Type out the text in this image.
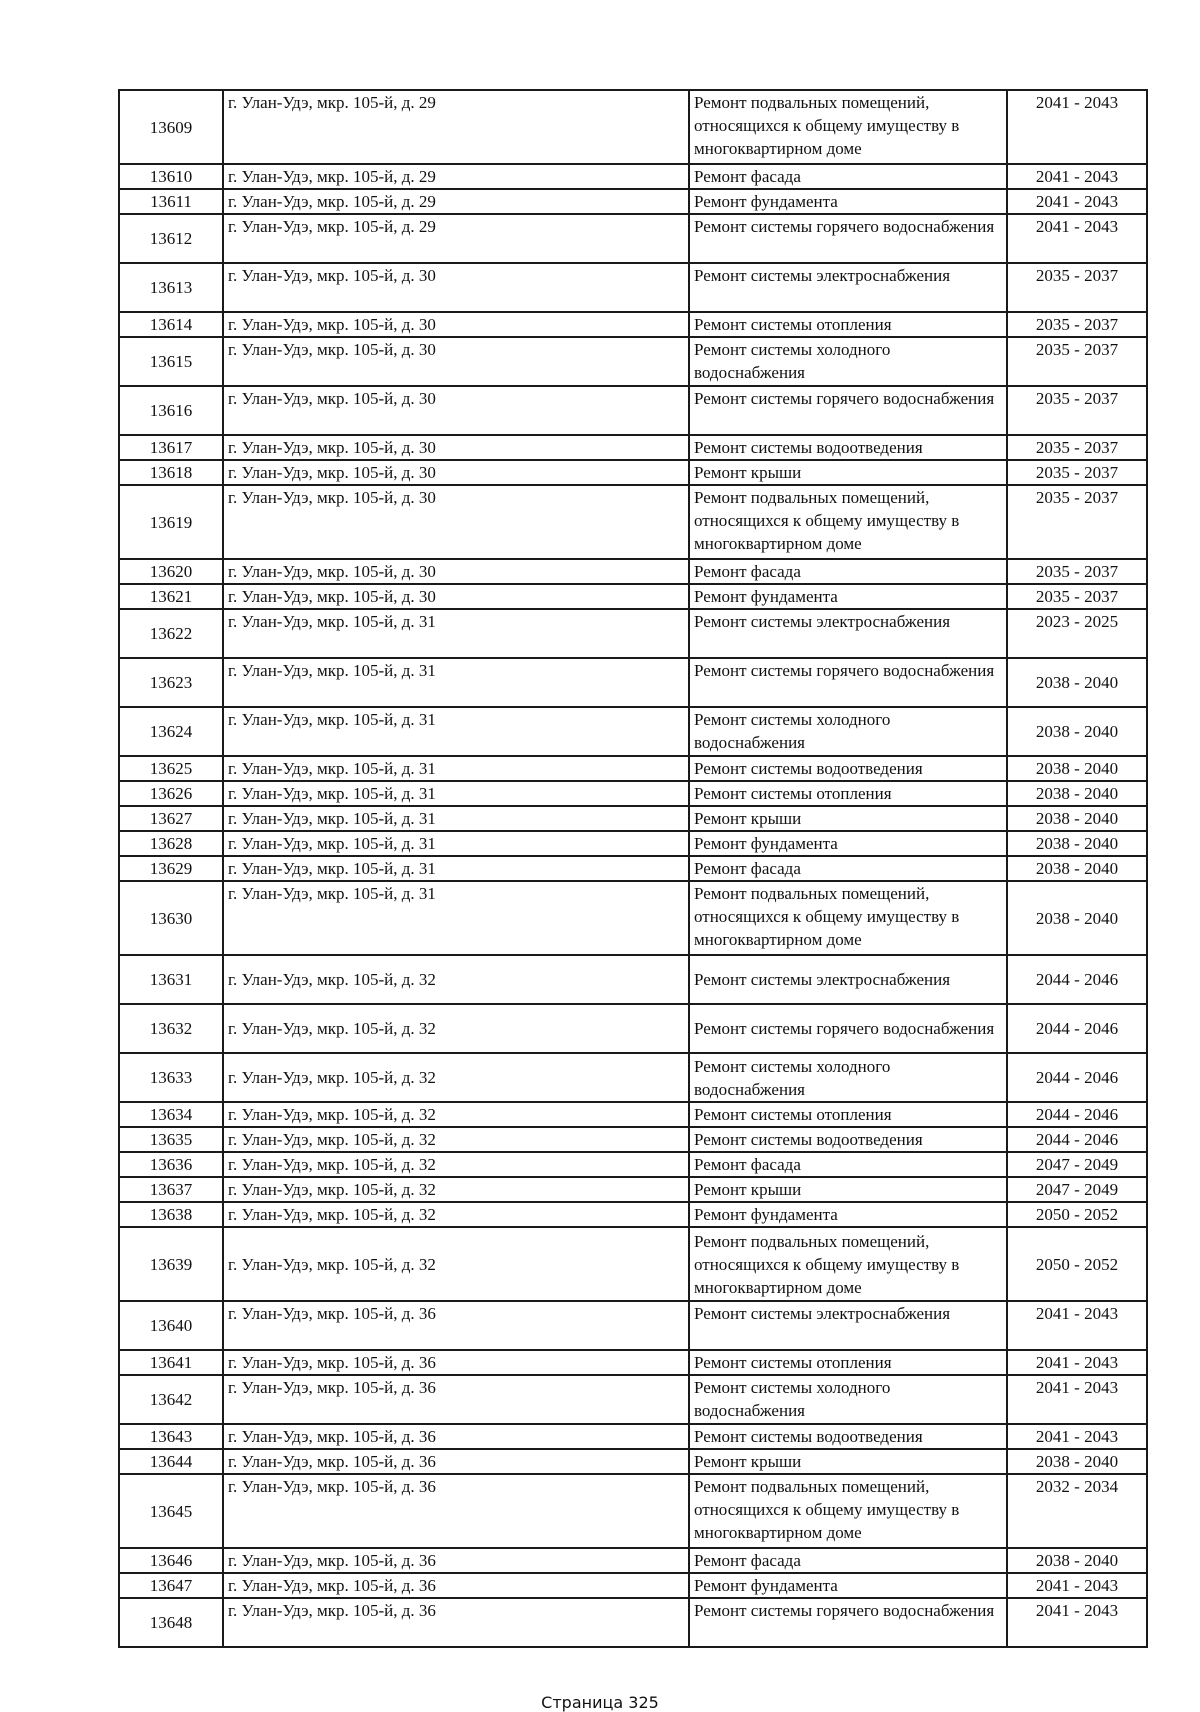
13609	г. Улан-Удэ, мкр. 105-й, д. 29	Ремонт подвальных помещений, относящихся к общему имуществу в многоквартирном доме	2041 - 2043
13610	г. Улан-Удэ, мкр. 105-й, д. 29	Ремонт фасада	2041 - 2043
13611	г. Улан-Удэ, мкр. 105-й, д. 29	Ремонт фундамента	2041 - 2043
13612	г. Улан-Удэ, мкр. 105-й, д. 29	Ремонт системы горячего водоснабжения	2041 - 2043
13613	г. Улан-Удэ, мкр. 105-й, д. 30	Ремонт системы электроснабжения	2035 - 2037
13614	г. Улан-Удэ, мкр. 105-й, д. 30	Ремонт системы отопления	2035 - 2037
13615	г. Улан-Удэ, мкр. 105-й, д. 30	Ремонт системы холодного водоснабжения	2035 - 2037
13616	г. Улан-Удэ, мкр. 105-й, д. 30	Ремонт системы горячего водоснабжения	2035 - 2037
13617	г. Улан-Удэ, мкр. 105-й, д. 30	Ремонт системы водоотведения	2035 - 2037
13618	г. Улан-Удэ, мкр. 105-й, д. 30	Ремонт крыши	2035 - 2037
13619	г. Улан-Удэ, мкр. 105-й, д. 30	Ремонт подвальных помещений, относящихся к общему имуществу в многоквартирном доме	2035 - 2037
13620	г. Улан-Удэ, мкр. 105-й, д. 30	Ремонт фасада	2035 - 2037
13621	г. Улан-Удэ, мкр. 105-й, д. 30	Ремонт фундамента	2035 - 2037
13622	г. Улан-Удэ, мкр. 105-й, д. 31	Ремонт системы электроснабжения	2023 - 2025
13623	г. Улан-Удэ, мкр. 105-й, д. 31	Ремонт системы горячего водоснабжения	2038 - 2040
13624	г. Улан-Удэ, мкр. 105-й, д. 31	Ремонт системы холодного водоснабжения	2038 - 2040
13625	г. Улан-Удэ, мкр. 105-й, д. 31	Ремонт системы водоотведения	2038 - 2040
13626	г. Улан-Удэ, мкр. 105-й, д. 31	Ремонт системы отопления	2038 - 2040
13627	г. Улан-Удэ, мкр. 105-й, д. 31	Ремонт крыши	2038 - 2040
13628	г. Улан-Удэ, мкр. 105-й, д. 31	Ремонт фундамента	2038 - 2040
13629	г. Улан-Удэ, мкр. 105-й, д. 31	Ремонт фасада	2038 - 2040
13630	г. Улан-Удэ, мкр. 105-й, д. 31	Ремонт подвальных помещений, относящихся к общему имуществу в многоквартирном доме	2038 - 2040
13631	г. Улан-Удэ, мкр. 105-й, д. 32	Ремонт системы электроснабжения	2044 - 2046
13632	г. Улан-Удэ, мкр. 105-й, д. 32	Ремонт системы горячего водоснабжения	2044 - 2046
13633	г. Улан-Удэ, мкр. 105-й, д. 32	Ремонт системы холодного водоснабжения	2044 - 2046
13634	г. Улан-Удэ, мкр. 105-й, д. 32	Ремонт системы отопления	2044 - 2046
13635	г. Улан-Удэ, мкр. 105-й, д. 32	Ремонт системы водоотведения	2044 - 2046
13636	г. Улан-Удэ, мкр. 105-й, д. 32	Ремонт фасада	2047 - 2049
13637	г. Улан-Удэ, мкр. 105-й, д. 32	Ремонт крыши	2047 - 2049
13638	г. Улан-Удэ, мкр. 105-й, д. 32	Ремонт фундамента	2050 - 2052
13639	г. Улан-Удэ, мкр. 105-й, д. 32	Ремонт подвальных помещений, относящихся к общему имуществу в многоквартирном доме	2050 - 2052
13640	г. Улан-Удэ, мкр. 105-й, д. 36	Ремонт системы электроснабжения	2041 - 2043
13641	г. Улан-Удэ, мкр. 105-й, д. 36	Ремонт системы отопления	2041 - 2043
13642	г. Улан-Удэ, мкр. 105-й, д. 36	Ремонт системы холодного водоснабжения	2041 - 2043
13643	г. Улан-Удэ, мкр. 105-й, д. 36	Ремонт системы водоотведения	2041 - 2043
13644	г. Улан-Удэ, мкр. 105-й, д. 36	Ремонт крыши	2038 - 2040
13645	г. Улан-Удэ, мкр. 105-й, д. 36	Ремонт подвальных помещений, относящихся к общему имуществу в многоквартирном доме	2032 - 2034
13646	г. Улан-Удэ, мкр. 105-й, д. 36	Ремонт фасада	2038 - 2040
13647	г. Улан-Удэ, мкр. 105-й, д. 36	Ремонт фундамента	2041 - 2043
13648	г. Улан-Удэ, мкр. 105-й, д. 36	Ремонт системы горячего водоснабжения	2041 - 2043
Страница 325
